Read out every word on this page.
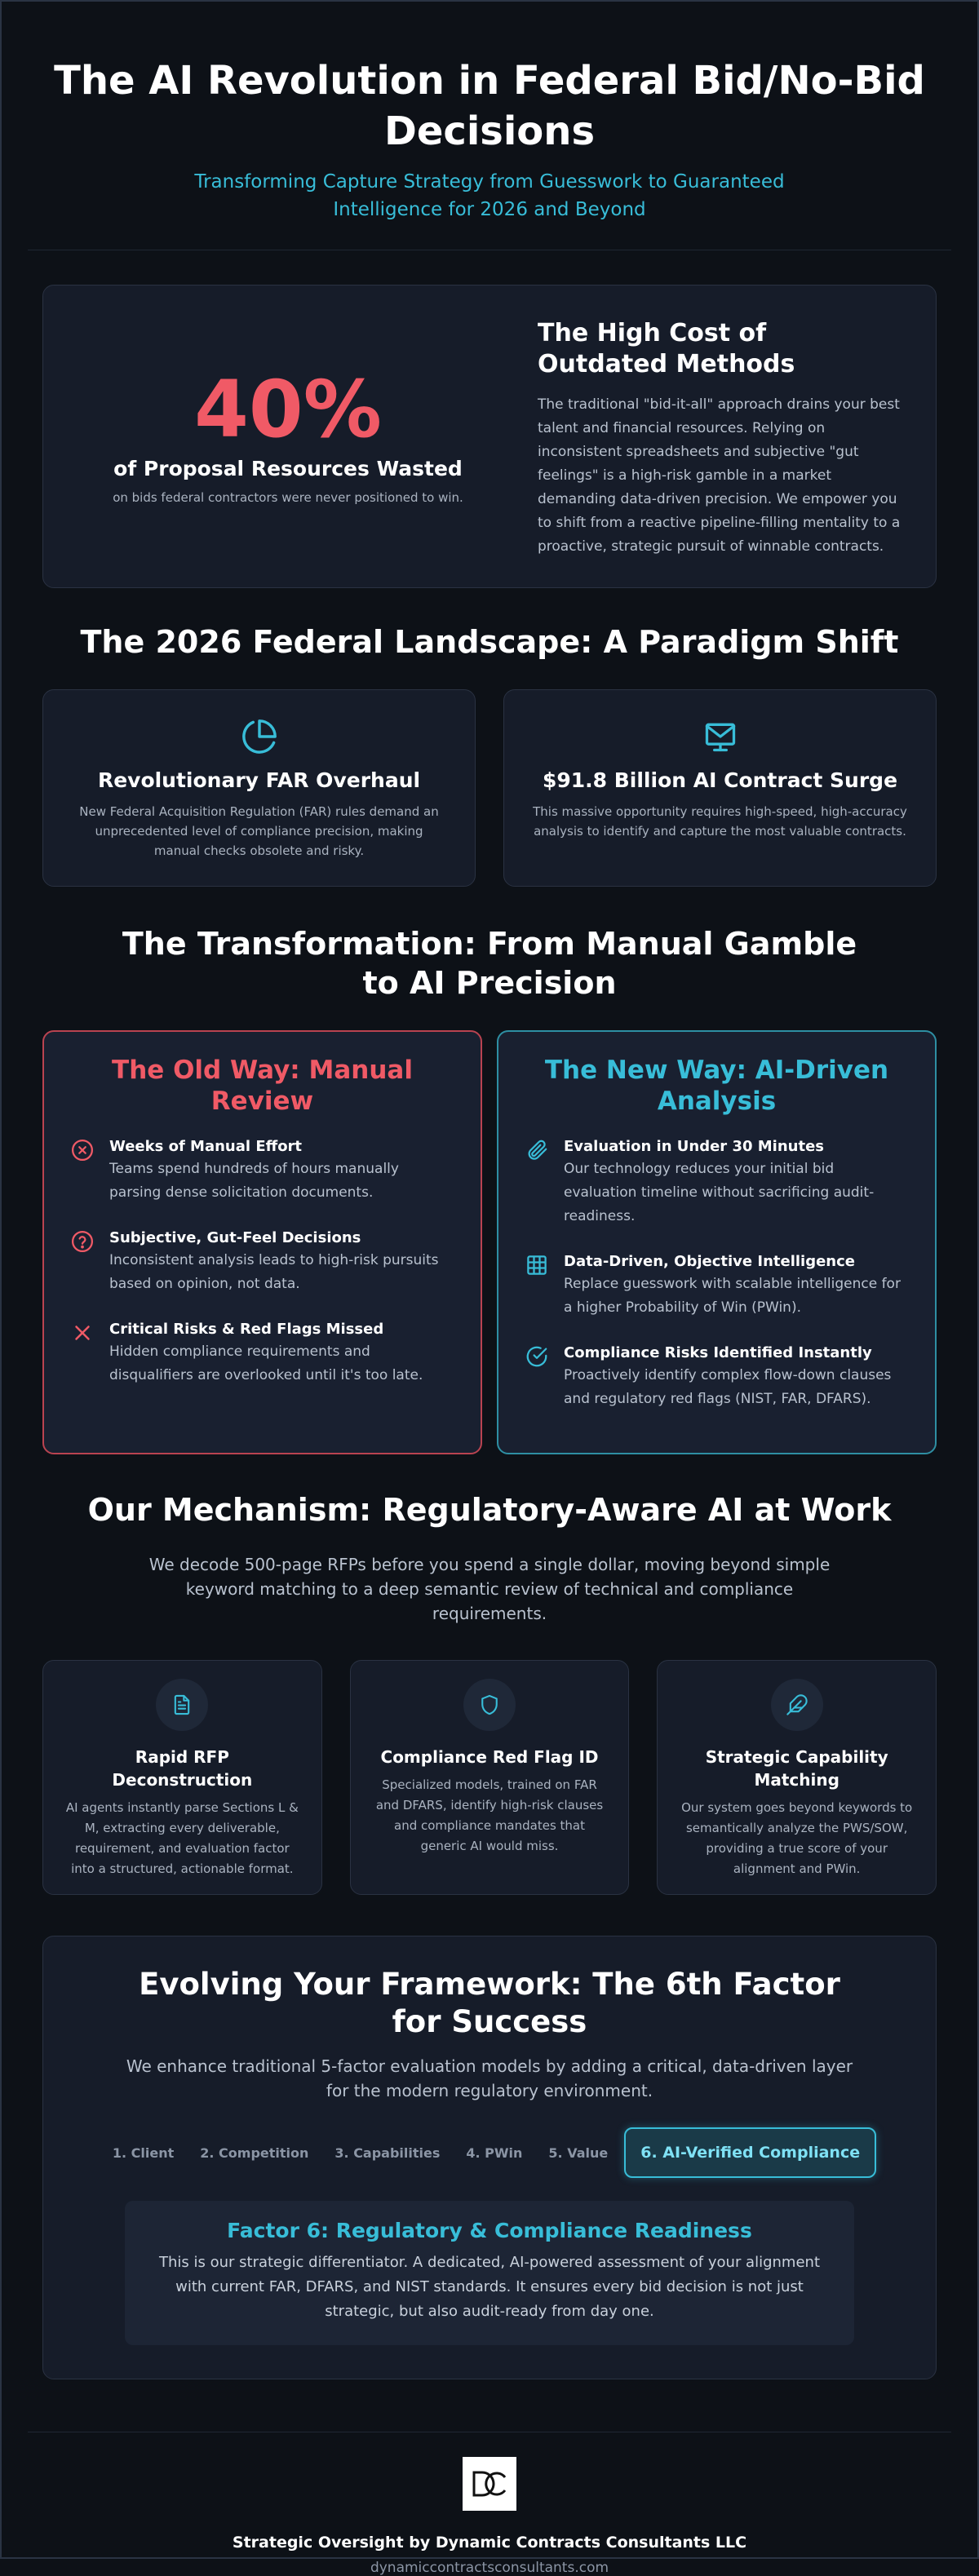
The AI Revolution in Federal Bid/No-Bid Decisions

Transforming Capture Strategy from Guesswork to Guaranteed Intelligence for 2026 and Beyond

40%
of Proposal Resources Wasted
on bids federal contractors were never positioned to win.
The High Cost of Outdated Methods

The traditional "bid-it-all" approach drains your best talent and financial resources. Relying on inconsistent spreadsheets and subjective "gut feelings" is a high-risk gamble in a market demanding data-driven precision. We empower you to shift from a reactive pipeline-filling mentality to a proactive, strategic pursuit of winnable contracts.

The 2026 Federal Landscape: A Paradigm Shift
Revolutionary FAR Overhaul
New Federal Acquisition Regulation (FAR) rules demand an unprecedented level of compliance precision, making manual checks obsolete and risky.
$91.8 Billion AI Contract Surge
This massive opportunity requires high-speed, high-accuracy analysis to identify and capture the most valuable contracts.
The Transformation: From Manual Gamble to AI Precision
The Old Way: Manual Review
Weeks of Manual Effort
Teams spend hundreds of hours manually parsing dense solicitation documents.
Subjective, Gut-Feel Decisions
Inconsistent analysis leads to high-risk pursuits based on opinion, not data.
Critical Risks & Red Flags Missed
Hidden compliance requirements and disqualifiers are overlooked until it's too late.
The New Way: AI-Driven Analysis
Evaluation in Under 30 Minutes
Our technology reduces your initial bid evaluation timeline without sacrificing audit-readiness.
Data-Driven, Objective Intelligence
Replace guesswork with scalable intelligence for a higher Probability of Win (PWin).
Compliance Risks Identified Instantly
Proactively identify complex flow-down clauses and regulatory red flags (NIST, FAR, DFARS).
Our Mechanism: Regulatory-Aware AI at Work

We decode 500-page RFPs before you spend a single dollar, moving beyond simple keyword matching to a deep semantic review of technical and compliance requirements.

Rapid RFP Deconstruction
AI agents instantly parse Sections L & M, extracting every deliverable, requirement, and evaluation factor into a structured, actionable format.
Compliance Red Flag ID
Specialized models, trained on FAR and DFARS, identify high-risk clauses and compliance mandates that generic AI would miss.
Strategic Capability Matching
Our system goes beyond keywords to semantically analyze the PWS/SOW, providing a true score of your alignment and PWin.
Evolving Your Framework: The 6th Factor for Success

We enhance traditional 5-factor evaluation models by adding a critical, data-driven layer for the modern regulatory environment.

1. Client	2. Competition	3. Capabilities	4. PWin	5. Value	6. AI-Verified Compliance
Factor 6: Regulatory & Compliance Readiness
This is our strategic differentiator. A dedicated, AI-powered assessment of your alignment with current FAR, DFARS, and NIST standards. It ensures every bid decision is not just strategic, but also audit-ready from day one.
Strategic Oversight by Dynamic Contracts Consultants LLC
dynamiccontractsconsultants.com
